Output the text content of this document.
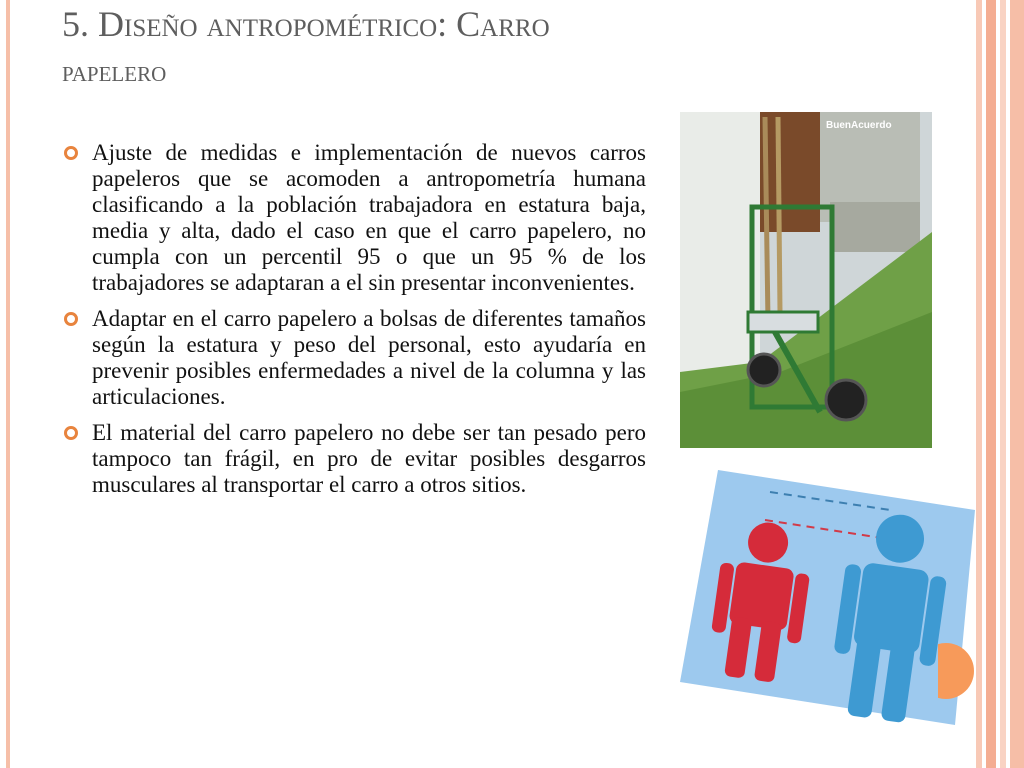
5. Diseño antropométrico: Carro
papelero
Ajuste de medidas e implementación de nuevos carros papeleros que se acomoden a antropometría humana clasificando a la población trabajadora en estatura baja, media y alta, dado el caso en que el carro papelero, no cumpla con un percentil 95 o que un 95 % de los trabajadores se adaptaran a el sin presentar inconvenientes.
Adaptar en el carro papelero a bolsas de diferentes tamaños según la estatura y peso del personal, esto ayudaría en prevenir posibles enfermedades a nivel de la columna y las articulaciones.
El material del carro papelero no debe ser tan pesado pero tampoco tan frágil, en pro de evitar posibles desgarros musculares al transportar el carro a otros sitios.
BuenAcuerdo
